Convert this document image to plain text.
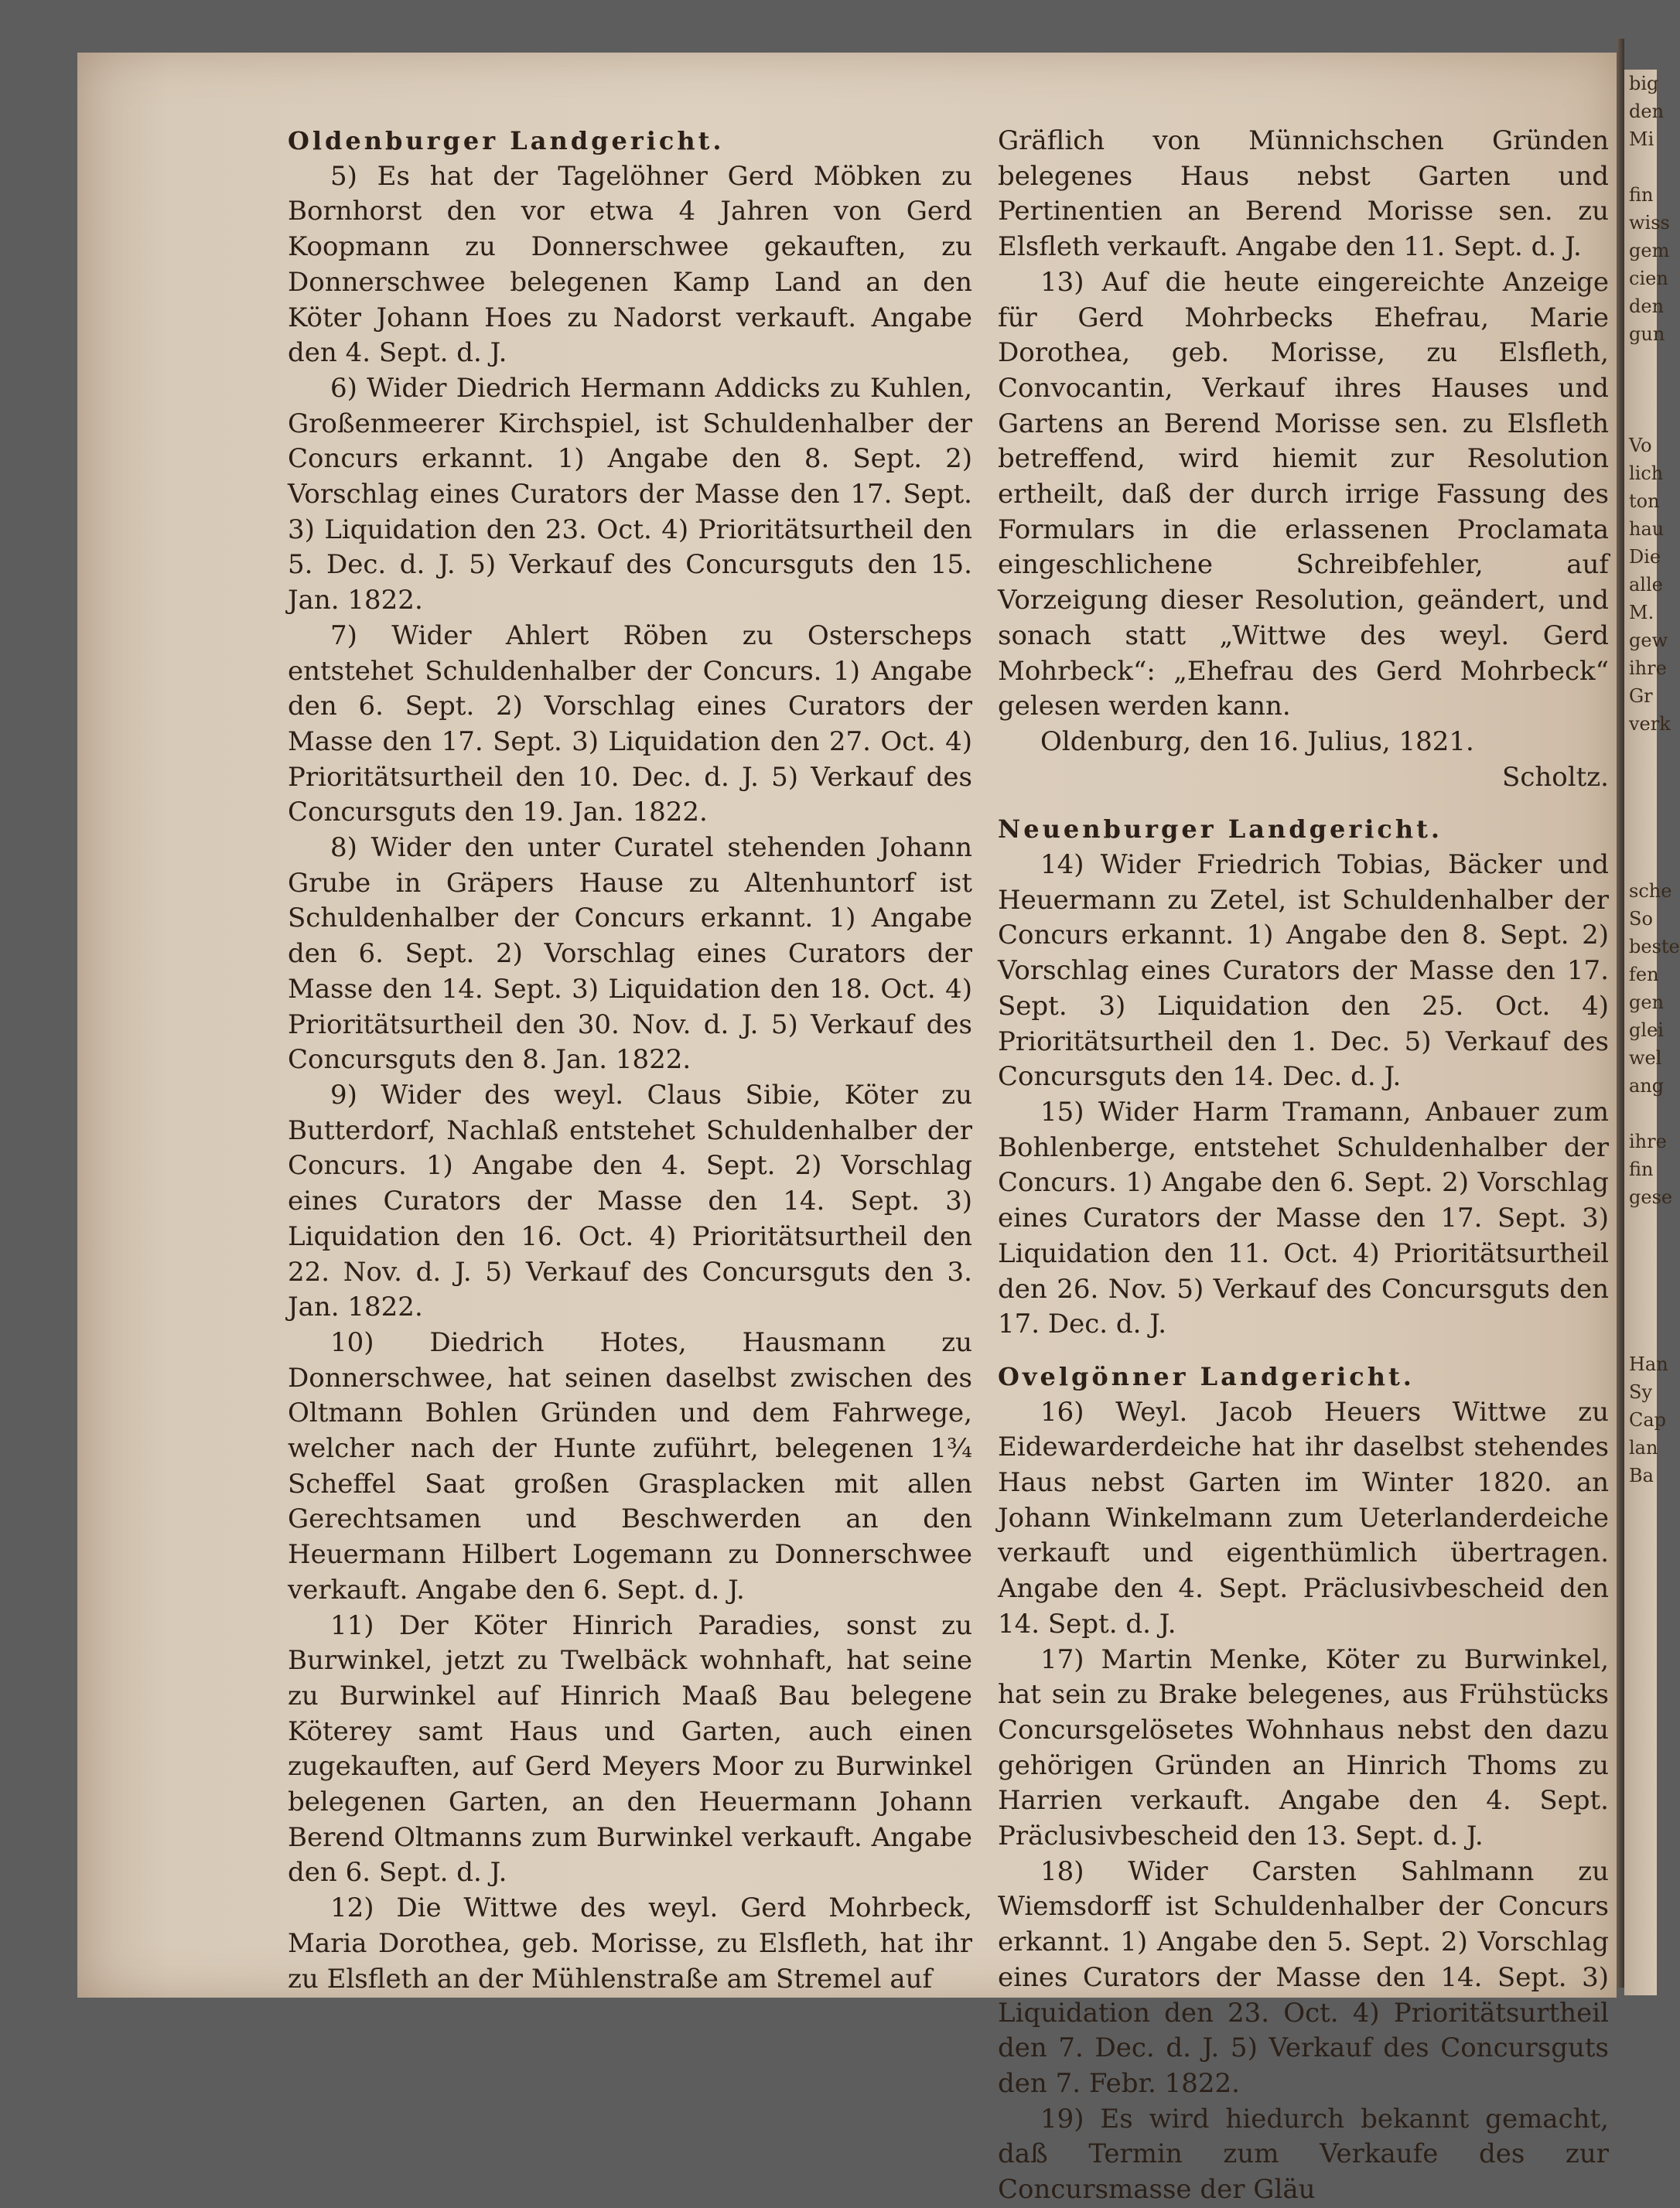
big
den
Mi

fin
wiss
gem
cien
den
gun

Vo
lich
ton
hau
Die
alle
M.
gew
ihre
Gr
verk

sche
So
beste
fen
gen
glei
wel
ang

ihre
fin
gese

Han
Sy
Cap
lan
Ba

Oldenburger Landgericht.

5) Es hat der Tagelöhner Gerd Möbken zu Bornhorst den vor etwa 4 Jahren von Gerd Koopmann zu Donnerschwee gekauften, zu Donnerschwee belegenen Kamp Land an den Köter Johann Hoes zu Nadorst verkauft. Angabe den 4. Sept. d. J.

6) Wider Diedrich Hermann Addicks zu Kuhlen, Großenmeerer Kirchspiel, ist Schuldenhalber der Concurs erkannt. 1) Angabe den 8. Sept. 2) Vorschlag eines Curators der Masse den 17. Sept. 3) Liquidation den 23. Oct. 4) Prioritätsurtheil den 5. Dec. d. J. 5) Verkauf des Concursguts den 15. Jan. 1822.

7) Wider Ahlert Röben zu Osterscheps entstehet Schuldenhalber der Concurs. 1) Angabe den 6. Sept. 2) Vorschlag eines Curators der Masse den 17. Sept. 3) Liquidation den 27. Oct. 4) Prioritätsurtheil den 10. Dec. d. J. 5) Verkauf des Concursguts den 19. Jan. 1822.

8) Wider den unter Curatel stehenden Johann Grube in Gräpers Hause zu Altenhuntorf ist Schuldenhalber der Concurs erkannt. 1) Angabe den 6. Sept. 2) Vorschlag eines Curators der Masse den 14. Sept. 3) Liquidation den 18. Oct. 4) Prioritätsurtheil den 30. Nov. d. J. 5) Verkauf des Concursguts den 8. Jan. 1822.

9) Wider des weyl. Claus Sibie, Köter zu Butterdorf, Nachlaß entstehet Schuldenhalber der Concurs. 1) Angabe den 4. Sept. 2) Vorschlag eines Curators der Masse den 14. Sept. 3) Liquidation den 16. Oct. 4) Prioritätsurtheil den 22. Nov. d. J. 5) Verkauf des Concursguts den 3. Jan. 1822.

10) Diedrich Hotes, Hausmann zu Donnerschwee, hat seinen daselbst zwischen des Oltmann Bohlen Gründen und dem Fahrwege, welcher nach der Hunte zuführt, belegenen 1¾ Scheffel Saat großen Grasplacken mit allen Gerechtsamen und Beschwerden an den Heuermann Hilbert Logemann zu Donnerschwee verkauft. Angabe den 6. Sept. d. J.

11) Der Köter Hinrich Paradies, sonst zu Burwinkel, jetzt zu Twelbäck wohnhaft, hat seine zu Burwinkel auf Hinrich Maaß Bau belegene Köterey samt Haus und Garten, auch einen zugekauften, auf Gerd Meyers Moor zu Burwinkel belegenen Garten, an den Heuermann Johann Berend Oltmanns zum Burwinkel verkauft. Angabe den 6. Sept. d. J.

12) Die Wittwe des weyl. Gerd Mohrbeck, Maria Dorothea, geb. Morisse, zu Elsfleth, hat ihr zu Elsfleth an der Mühlenstraße am Stremel auf

Gräflich von Münnichschen Gründen belegenes Haus nebst Garten und Pertinentien an Berend Morisse sen. zu Elsfleth verkauft. Angabe den 11. Sept. d. J.

13) Auf die heute eingereichte Anzeige für Gerd Mohrbecks Ehefrau, Marie Dorothea, geb. Morisse, zu Elsfleth, Convocantin, Verkauf ihres Hauses und Gartens an Berend Morisse sen. zu Elsfleth betreffend, wird hiemit zur Resolution ertheilt, daß der durch irrige Fassung des Formulars in die erlassenen Proclamata eingeschlichene Schreibfehler, auf Vorzeigung dieser Resolution, geändert, und sonach statt „Wittwe des weyl. Gerd Mohrbeck“: „Ehefrau des Gerd Mohrbeck“ gelesen werden kann.

Oldenburg, den 16. Julius, 1821.

Scholtz.

Neuenburger Landgericht.

14) Wider Friedrich Tobias, Bäcker und Heuermann zu Zetel, ist Schuldenhalber der Concurs erkannt. 1) Angabe den 8. Sept. 2) Vorschlag eines Curators der Masse den 17. Sept. 3) Liquidation den 25. Oct. 4) Prioritätsurtheil den 1. Dec. 5) Verkauf des Concursguts den 14. Dec. d. J.

15) Wider Harm Tramann, Anbauer zum Bohlenberge, entstehet Schuldenhalber der Concurs. 1) Angabe den 6. Sept. 2) Vorschlag eines Curators der Masse den 17. Sept. 3) Liquidation den 11. Oct. 4) Prioritätsurtheil den 26. Nov. 5) Verkauf des Concursguts den 17. Dec. d. J.

Ovelgönner Landgericht.

16) Weyl. Jacob Heuers Wittwe zu Eidewarderdeiche hat ihr daselbst stehendes Haus nebst Garten im Winter 1820. an Johann Winkelmann zum Ueterlanderdeiche verkauft und eigenthümlich übertragen. Angabe den 4. Sept. Präclusivbescheid den 14. Sept. d. J.

17) Martin Menke, Köter zu Burwinkel, hat sein zu Brake belegenes, aus Frühstücks Concursgelösetes Wohnhaus nebst den dazu gehörigen Gründen an Hinrich Thoms zu Harrien verkauft. Angabe den 4. Sept. Präclusivbescheid den 13. Sept. d. J.

18) Wider Carsten Sahlmann zu Wiemsdorff ist Schuldenhalber der Concurs erkannt. 1) Angabe den 5. Sept. 2) Vorschlag eines Curators der Masse den 14. Sept. 3) Liquidation den 23. Oct. 4) Prioritätsurtheil den 7. Dec. d. J. 5) Verkauf des Concursguts den 7. Febr. 1822.

19) Es wird hiedurch bekannt gemacht, daß Termin zum Verkaufe des zur Concursmasse der Gläu
